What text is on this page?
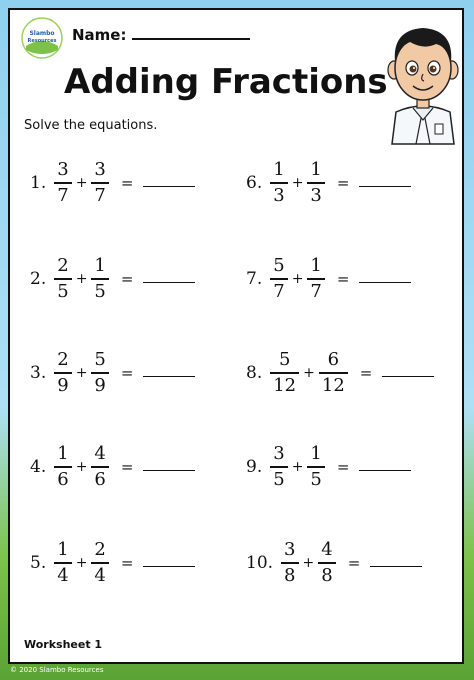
Slambo
Resources Name:
Adding Fractions
Solve the equations.
1. $\frac{3}{7} + \frac{3}{7}$ =
2. $\frac{2}{5} + \frac{1}{5}$ =
3. $\frac{2}{9} + \frac{5}{9}$ =
4. $\frac{1}{6} + \frac{4}{6}$ =
5. $\frac{1}{4} + \frac{2}{4}$ =
6. $\frac{1}{3} + \frac{1}{3}$ =
7. $\frac{5}{7} + \frac{1}{7}$ =
8. $\frac{5}{12} + \frac{6}{12}$ =
9. $\frac{3}{5} + \frac{1}{5}$ =
10. $\frac{3}{8} + \frac{4}{8}$ =
Worksheet 1
© 2020 Slambo Resources
